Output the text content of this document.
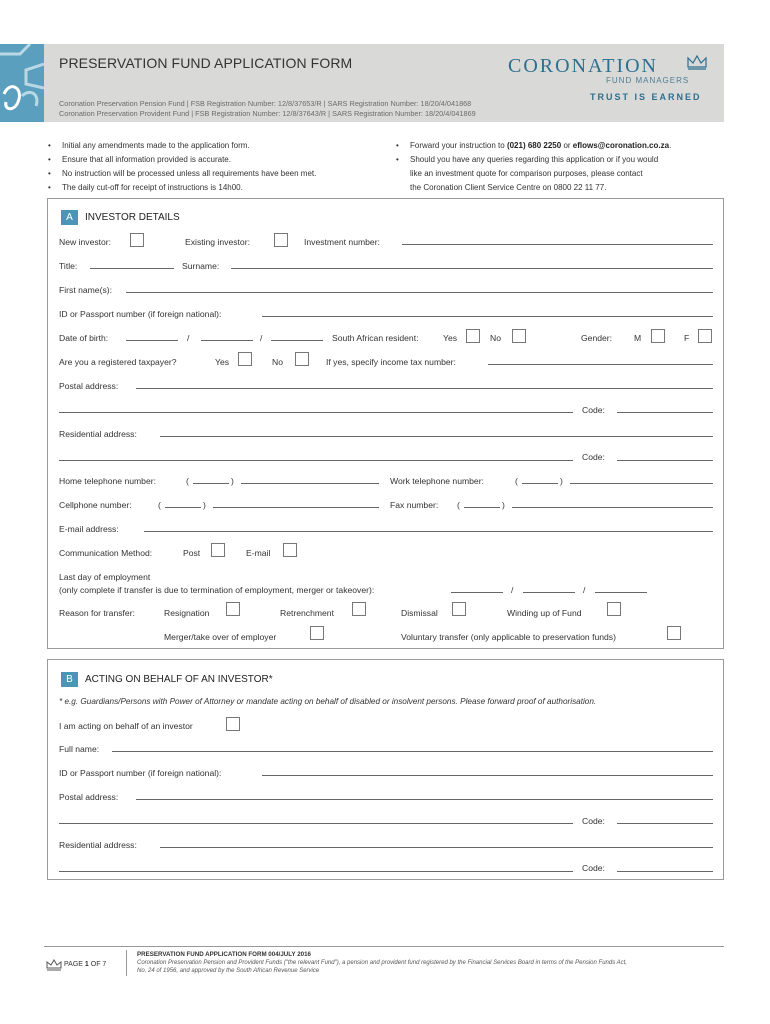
PRESERVATION FUND APPLICATION FORM	CORONATION
FUND MANAGERS
TRUST IS EARNED
Coronation Preservation Pension Fund | FSB Registration Number: 12/8/37653/R | SARS Registration Number: 18/20/4/041868
Coronation Preservation Provident Fund | FSB Registration Number: 12/8/37643/R | SARS Registration Number: 18/20/4/041869
• Initial any amendments made to the application form.
• Ensure that all information provided is accurate.
• No instruction will be processed unless all requirements have been met.
• The daily cut-off for receipt of instructions is 14h00.
• Forward your instruction to (021) 680 2250 or eflows@coronation.co.za.
• Should you have any queries regarding this application or if you would
like an investment quote for comparison purposes, please contact
the Coronation Client Service Centre on 0800 22 11 77.
A	INVESTOR DETAILS
New investor:	Existing investor:	Investment number:
Title:	Surname:
First name(s):
ID or Passport number (if foreign national):
Date of birth:	/	/	South African resident:	Yes	No	Gender:	M	F
Are you a registered taxpayer?	Yes	No	If yes, specify income tax number:
Postal address:
Code:
Residential address:
Code:
Home telephone number:	(	)	Work telephone number:	(	)
Cellphone number:	(	)	Fax number: (	)
E-mail address:
Communication Method:	Post	E-mail
Last day of employment
(only complete if transfer is due to termination of employment, merger or takeover):	/	/
Reason for transfer:	Resignation	Retrenchment	Dismissal	Winding up of Fund
Merger/take over of employer	Voluntary transfer (only applicable to preservation funds)
B	ACTING ON BEHALF OF AN INVESTOR*
* e.g. Guardians/Persons with Power of Attorney or mandate acting on behalf of disabled or insolvent persons. Please forward proof of authorisation.
I am acting on behalf of an investor
Full name:
ID or Passport number (if foreign national):
Postal address:
Code:
Residential address:
Code:
PAGE 1 OF 7
PRESERVATION FUND APPLICATION FORM 004/JULY 2016
Coronation Preservation Pension and Provident Funds ("the relevant Fund"), a pension and provident fund registered by the Financial Services Board in terms of the Pension Funds Act,
No. 24 of 1956, and approved by the South African Revenue Service
